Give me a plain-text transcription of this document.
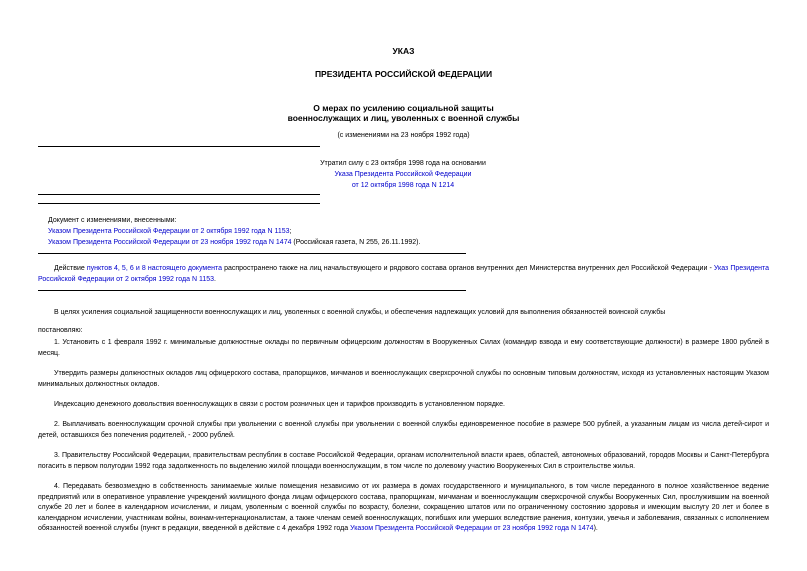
УКАЗ
ПРЕЗИДЕНТА РОССИЙСКОЙ ФЕДЕРАЦИИ
О мерах по усилению социальной защиты
военнослужащих и лиц, уволенных с военной службы
(с изменениями на 23 ноября 1992 года)
Утратил силу с 23 октября 1998 года на основании
Указа Президента Российской Федерации
от 12 октября 1998 года N 1214
Документ с изменениями, внесенными:
Указом Президента Российской Федерации от 2 октября 1992 года N 1153;
Указом Президента Российской Федерации от 23 ноября 1992 года N 1474 (Российская газета, N 255, 26.11.1992).
Действие пунктов 4, 5, 6 и 8 настоящего документа распространено также на лиц начальствующего и рядового состава органов внутренних дел Министерства внутренних дел Российской Федерации - Указ Президента Российской Федерации от 2 октября 1992 года N 1153.
В целях усиления социальной защищенности военнослужащих и лиц, уволенных с военной службы, и обеспечения надлежащих условий для выполнения обязанностей воинской службы
постановляю:
1. Установить с 1 февраля 1992 г. минимальные должностные оклады по первичным офицерским должностям в Вооруженных Силах (командир взвода и ему соответствующие должности) в размере 1800 рублей в месяц.
Утвердить размеры должностных окладов лиц офицерского состава, прапорщиков, мичманов и военнослужащих сверхсрочной службы по основным типовым должностям, исходя из установленных настоящим Указом минимальных должностных окладов.
Индексацию денежного довольствия военнослужащих в связи с ростом розничных цен и тарифов производить в установленном порядке.
2. Выплачивать военнослужащим срочной службы при увольнении с военной службы при увольнении с военной службы единовременное пособие в размере 500 рублей, а указанным лицам из числа детей-сирот и детей, оставшихся без попечения родителей, - 2000 рублей.
3. Правительству Российской Федерации, правительствам республик в составе Российской Федерации, органам исполнительной власти краев, областей, автономных образований, городов Москвы и Санкт-Петербурга погасить в первом полугодии 1992 года задолженность по выделению жилой площади военнослужащим, в том числе по долевому участию Вооруженных Сил в строительстве жилья.
4. Передавать безвозмездно в собственность занимаемые жилые помещения независимо от их размера в домах государственного и муниципального, в том числе переданного в полное хозяйственное ведение предприятий или в оперативное управление учреждений жилищного фонда лицам офицерского состава, прапорщикам, мичманам и военнослужащим сверхсрочной службы Вооруженных Сил, прослужившим на военной службе 20 лет и более в календарном исчислении, и лицам, уволенным с военной службы по возрасту, болезни, сокращению штатов или по ограниченному состоянию здоровья и имеющим выслугу 20 лет и более в календарном исчислении, участникам войны, воинам-интернационалистам, а также членам семей военнослужащих, погибших или умерших вследствие ранения, контузии, увечья и заболевания, связанных с исполнением обязанностей военной службы (пункт в редакции, введенной в действие с 4 декабря 1992 года Указом Президента Российской Федерации от 23 ноября 1992 года N 1474).
